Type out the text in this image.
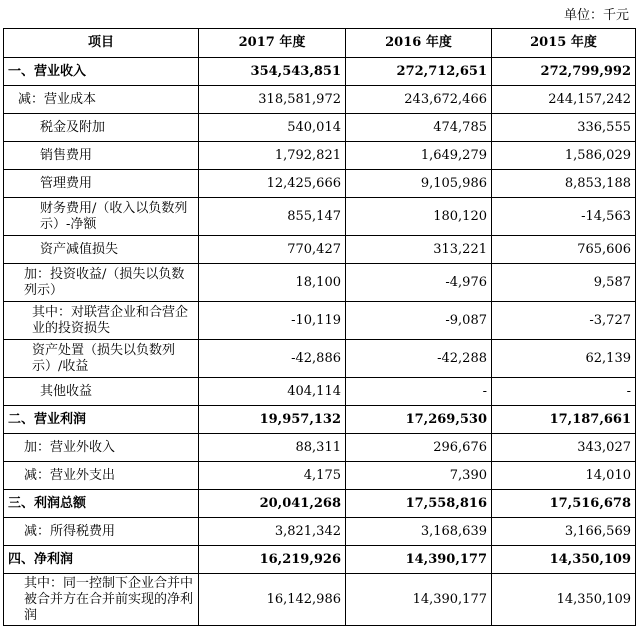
单位：千元
项目	2017 年度	2016 年度	2015 年度
一、营业收入	354,543,851	272,712,651	272,799,992
减：营业成本	318,581,972	243,672,466	244,157,242
税金及附加	540,014	474,785	336,555
销售费用	1,792,821	1,649,279	1,586,029
管理费用	12,425,666	9,105,986	8,853,188
财务费用/（收入以负数列示）-净额	855,147	180,120	-14,563
资产减值损失	770,427	313,221	765,606
加：投资收益/（损失以负数列示）	18,100	-4,976	9,587
其中：对联营企业和合营企业的投资损失	-10,119	-9,087	-3,727
资产处置（损失以负数列示）/收益	-42,886	-42,288	62,139
其他收益	404,114	-	-
二、营业利润	19,957,132	17,269,530	17,187,661
加：营业外收入	88,311	296,676	343,027
减：营业外支出	4,175	7,390	14,010
三、利润总额	20,041,268	17,558,816	17,516,678
减：所得税费用	3,821,342	3,168,639	3,166,569
四、净利润	16,219,926	14,390,177	14,350,109
其中：同一控制下企业合并中被合并方在合并前实现的净利润	16,142,986	14,390,177	14,350,109
